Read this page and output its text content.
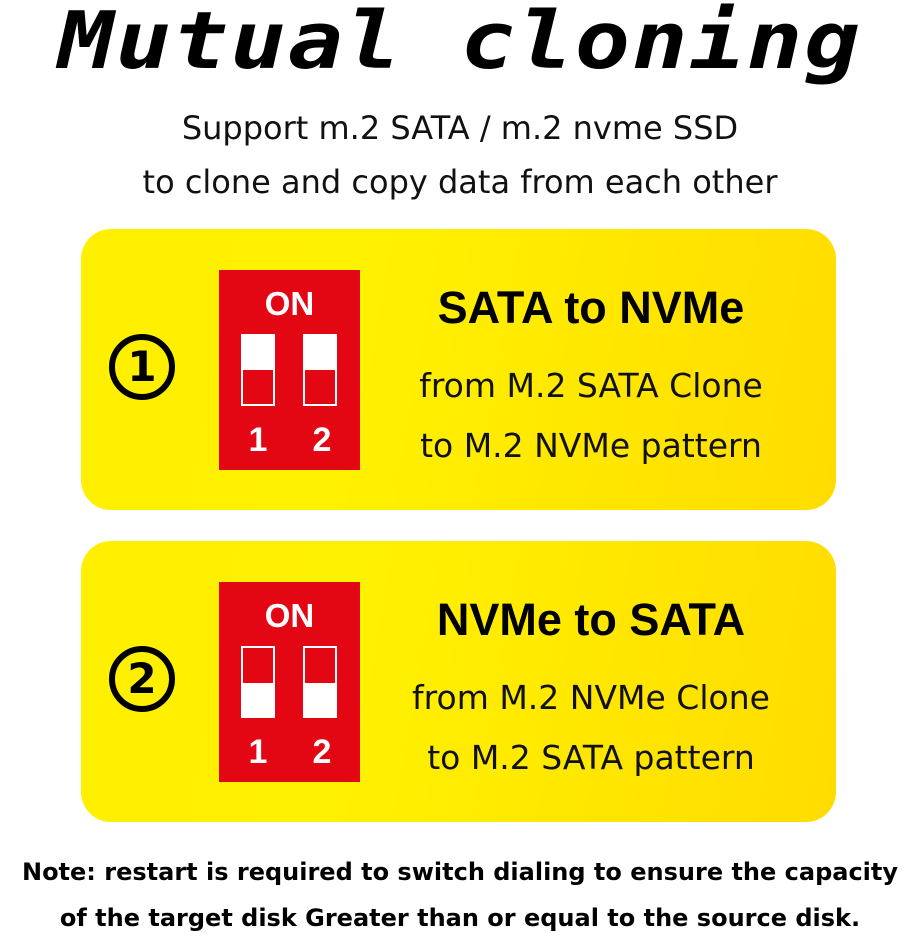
Mutual cloning
Support m.2 SATA / m.2 nvme SSD
to clone and copy data from each other
1
ON
1 2
SATA to NVMe
from M.2 SATA Clone
to M.2 NVMe pattern
2
ON
1 2
NVMe to SATA
from M.2 NVMe Clone
to M.2 SATA pattern
Note: restart is required to switch dialing to ensure the capacity
of the target disk Greater than or equal to the source disk.
